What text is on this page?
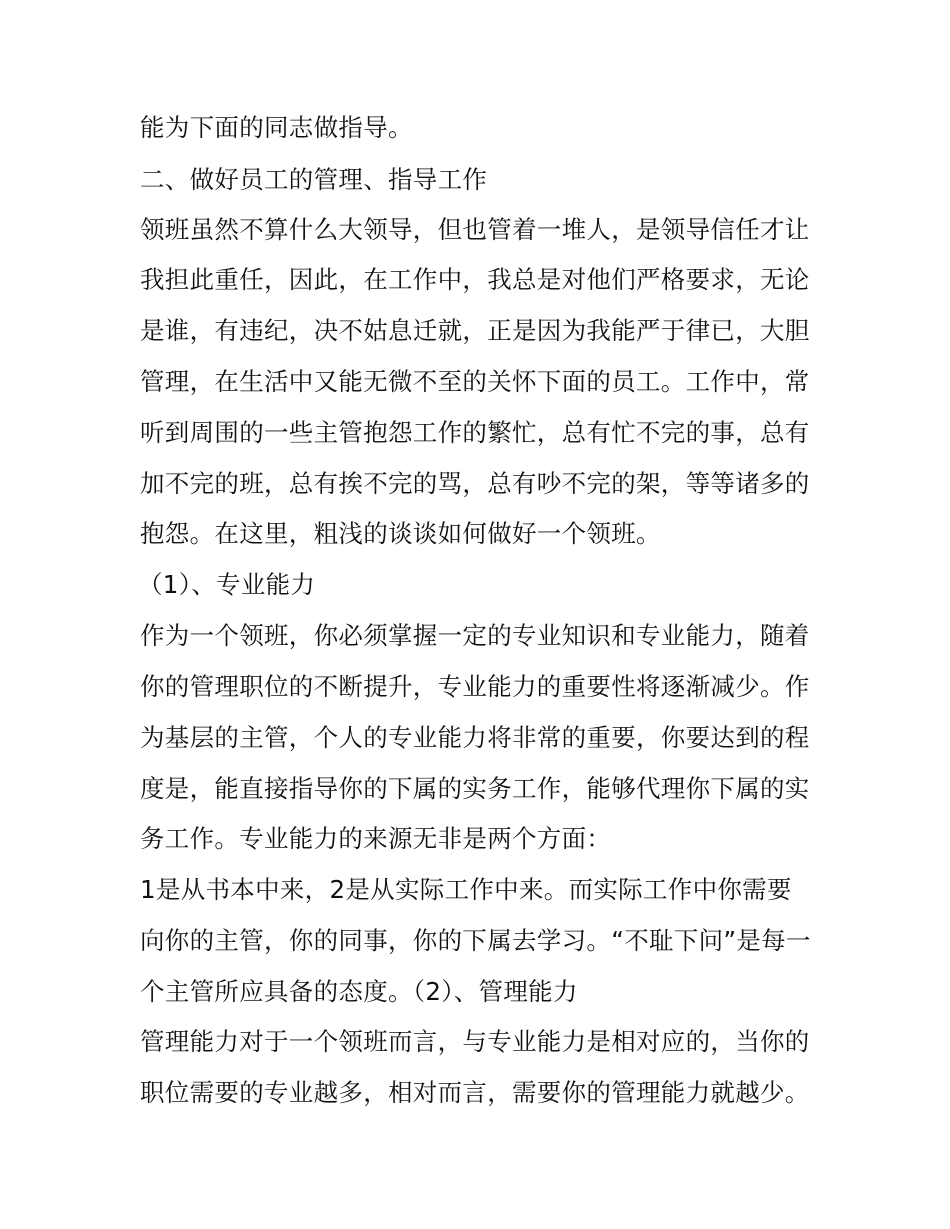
能为下面的同志做指导。
二、做好员工的管理、指导工作
领班虽然不算什么大领导，但也管着一堆人，是领导信任才让
我担此重任，因此，在工作中，我总是对他们严格要求，无论
是谁，有违纪，决不姑息迁就，正是因为我能严于律已，大胆
管理，在生活中又能无微不至的关怀下面的员工。工作中，常
听到周围的一些主管抱怨工作的繁忙，总有忙不完的事，总有
加不完的班，总有挨不完的骂，总有吵不完的架，等等诸多的
抱怨。在这里，粗浅的谈谈如何做好一个领班。
（1）、专业能力
作为一个领班，你必须掌握一定的专业知识和专业能力，随着
你的管理职位的不断提升，专业能力的重要性将逐渐减少。作
为基层的主管，个人的专业能力将非常的重要，你要达到的程
度是，能直接指导你的下属的实务工作，能够代理你下属的实
务工作。专业能力的来源无非是两个方面：
1是从书本中来，2是从实际工作中来。而实际工作中你需要
向你的主管，你的同事，你的下属去学习。“不耻下问”是每一
个主管所应具备的态度。（2）、管理能力
管理能力对于一个领班而言，与专业能力是相对应的，当你的
职位需要的专业越多，相对而言，需要你的管理能力就越少。
